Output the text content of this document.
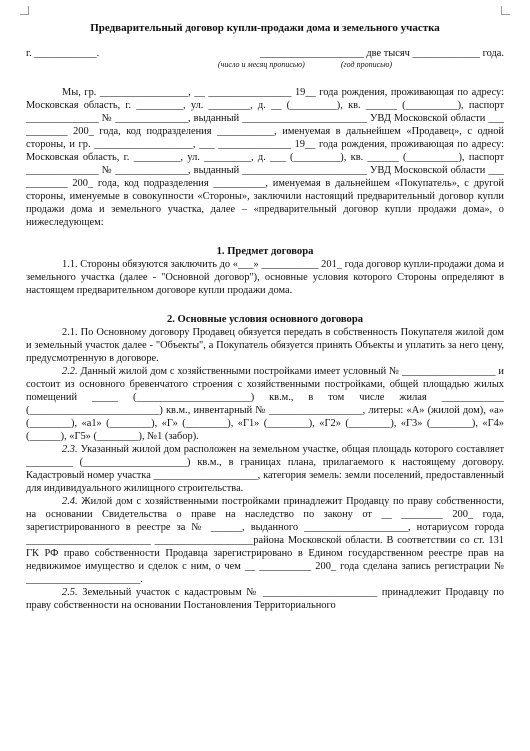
Предварительный договор купли-продажи дома и земельного участка
г. ____________.	____________________ две тысяч _____________ года.
(число и месяц прописью)	(год прописью)

Мы, гр. _________________, __ ________________ 19__ года рождения, проживающая по адресу: Московская область, г. _________, ул. ________, д. __ (_________), кв. ______ (__________), паспорт ______________ № ______________, выданный ________________________ УВД Московской области ___ ________ 200_ года, код подразделения ___________, именуемая в дальнейшем «Продавец», с одной стороны, и гр. ___________________, ___ ______________ 19__ года рождения, проживающая по адресу: Московская область, г. _________, ул. _________, д. ___ (_________), кв. ______ (__________), паспорт ______________ № ______________, выданный ________________________ УВД Московской области ___ ________ 200_ года, код подразделения __________, именуемая в дальнейшем «Покупатель», с другой стороны, именуемые в совокупности «Стороны», заключили настоящий предварительный договор купли продажи дома и земельного участка, далее – «предварительный договор купли продажи дома», о нижеследующем:

1. Предмет договора

1.1. Стороны обязуются заключить до «___» ___________ 201_ года договор купли-продажи дома и земельного участка (далее - "Основной договор"), основные условия которого Стороны определяют в настоящем предварительном договоре купли продажи дома.

2. Основные условия основного договора

2.1. По Основному договору Продавец обязуется передать в собственность Покупателя жилой дом и земельный участок далее - "Объекты", а Покупатель обязуется принять Объекты и уплатить за него цену, предусмотренную в договоре.

2.2. Данный жилой дом с хозяйственными постройками имеет условный № __________________ и состоит из основного бревенчатого строения с хозяйственными постройками, общей площадью жилых помещений _____ (______________________) кв.м., в том числе жилая ____________ (_________________________) кв.м., инвентарный № __________________, литеры: «А» (жилой дом), «а» (________), «а1» (________), «Г» (________), «Г1» (________), «Г2» (________), «Г3» (________), «Г4» (______), «Г5» (________), №1 (забор).

2.3. Указанный жилой дом расположен на земельном участке, общая площадь которого составляет _________ (____________________) кв.м., в границах плана, прилагаемого к настоящему договору. Кадастровый номер участка ____________________, категория земель: земли поселений, предоставленный для индивидуального жилищного строительства.

2.4. Жилой дом с хозяйственными постройками принадлежит Продавцу по праву собственности, на основании Свидетельства о праве на наследство по закону от __ ________ 200_ года, зарегистрированного в реестре за № ______, выданного ____________________, нотариусом города ________________________ ___________________района Московской области. В соответствии со ст. 131 ГК РФ право собственности Продавца зарегистрировано в Едином государственном реестре прав на недвижимое имущество и сделок с ним, о чем __ __________ 200_ года сделана запись регистрации № ______________________.

2.5. Земельный участок с кадастровым № ______________________ принадлежит Продавцу по праву собственности на основании Постановления Территориального
